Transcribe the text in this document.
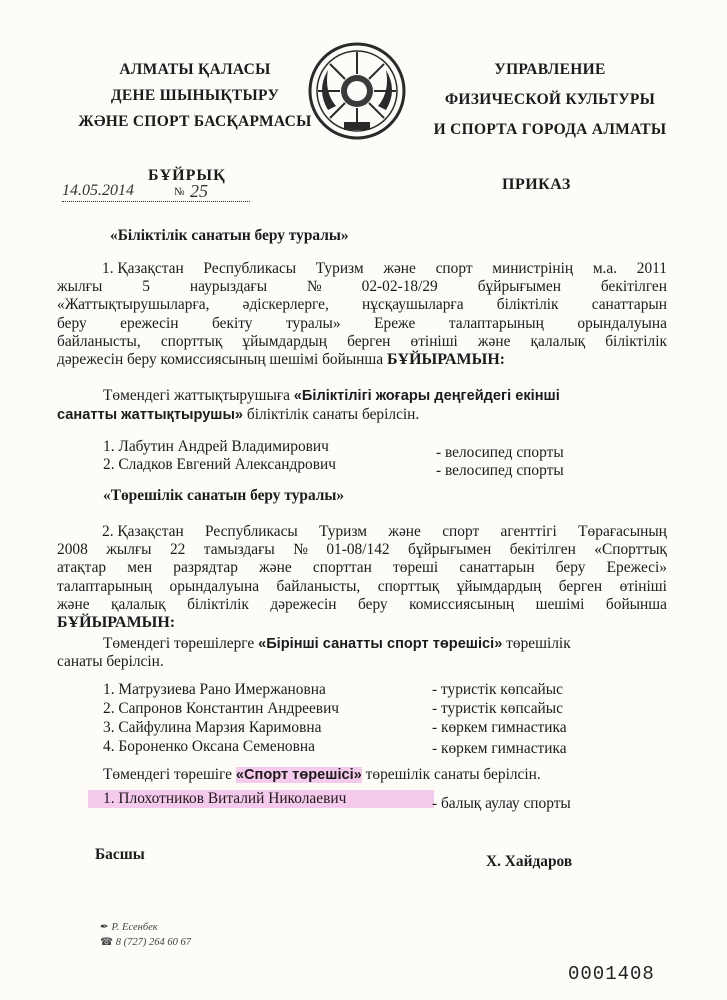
АЛМАТЫ ҚАЛАСЫ
ДЕНЕ ШЫНЫҚТЫРУ
ЖӘНЕ СПОРТ БАСҚАРМАСЫ
УПРАВЛЕНИЕ
ФИЗИЧЕСКОЙ КУЛЬТУРЫ
И СПОРТА ГОРОДА АЛМАТЫ
БҰЙРЫҚ
ПРИКАЗ
14.05.2014	№ 25
«Біліктілік санатын беру туралы»
1. Қазақстан Республикасы Туризм және спорт министрінің м.а. 2011
жылғы	5	наурыздағы	№	02-02-18/29	бұйрығымен	бекітілген
«Жаттықтырушыларға, әдіскерлерге, нұсқаушыларға біліктілік санаттарын
беру ережесін бекіту туралы» Ереже талаптарының орындалуына
байланысты, спорттық ұйымдардың берген өтініші және қалалық біліктілік
дәрежесін беру комиссиясының шешімі бойынша БҰЙЫРАМЫН:
Төмендегі жаттықтырушыға «Біліктілігі жоғары деңгейдегі екінші
санатты жаттықтырушы» біліктілік санаты берілсін.
1. Лабутин Андрей Владимирович	- велосипед спорты
2. Сладков Евгений Александрович	- велосипед спорты
«Төрешілік санатын беру туралы»
2. Қазақстан Республикасы Туризм және спорт агенттігі Төрағасының
2008 жылғы 22 тамыздағы № 01-08/142 бұйрығымен бекітілген «Спорттық
атақтар мен разрядтар және спорттан төреші санаттарын беру Ережесі»
талаптарының орындалуына байланысты, спорттық ұйымдардың берген өтініші
және қалалық біліктілік дәрежесін беру комиссиясының шешімі бойынша
БҰЙЫРАМЫН:
Төмендегі төрешілерге «Бірінші санатты спорт төрешісі» төрешілік
санаты берілсін.
1. Матрузиева Рано Имержановна	- туристік көпсайыс
2. Сапронов Константин Андреевич	- туристік көпсайыс
3. Сайфулина Марзия Каримовна	- көркем гимнастика
4. Бороненко Оксана Семеновна	- көркем гимнастика
Төмендегі төрешіге «Спорт төрешісі» төрешілік санаты берілсін.
1. Плохотников Виталий Николаевич	- балық аулау спорты
Басшы	Х. Хайдаров
✒ Р. Есенбек
☎ 8 (727) 264 60 67
0001408
